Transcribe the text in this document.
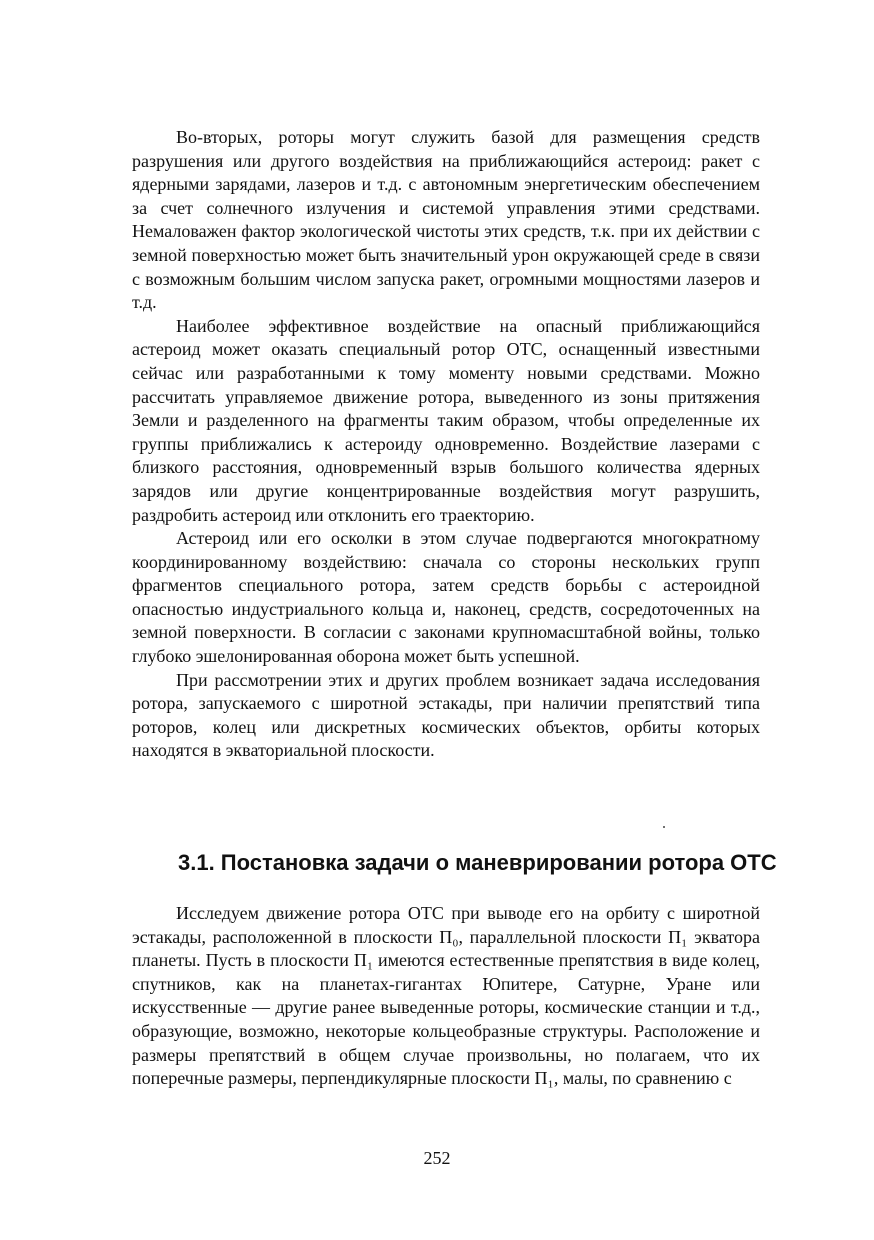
Во-вторых, роторы могут служить базой для размещения средств разрушения или другого воздействия на приближающийся астероид: ракет с ядерными зарядами, лазеров и т.д. с автономным энергетическим обеспечением за счет солнечного излучения и системой управления этими средствами. Немаловажен фактор экологической чистоты этих средств, т.к. при их действии с земной поверхностью может быть значительный урон окружающей среде в связи с возможным большим числом запуска ракет, огромными мощностями лазеров и т.д.

Наиболее эффективное воздействие на опасный приближающийся астероид может оказать специальный ротор ОТС, оснащенный известными сейчас или разработанными к тому моменту новыми средствами. Можно рассчитать управляемое движение ротора, выведенного из зоны притяжения Земли и разделенного на фрагменты таким образом, чтобы определенные их группы приближались к астероиду одновременно. Воздействие лазерами с близкого расстояния, одновременный взрыв большого количества ядерных зарядов или другие концентрированные воздействия могут разрушить, раздробить астероид или отклонить его траекторию.

Астероид или его осколки в этом случае подвергаются многократному координированному воздействию: сначала со стороны нескольких групп фрагментов специального ротора, затем средств борьбы с астероидной опасностью индустриального кольца и, наконец, средств, сосредоточенных на земной поверхности. В согласии с законами крупномасштабной войны, только глубоко эшелонированная оборона может быть успешной.

При рассмотрении этих и других проблем возникает задача исследования ротора, запускаемого с широтной эстакады, при наличии препятствий типа роторов, колец или дискретных космических объектов, орбиты которых находятся в экваториальной плоскости.

3.1. Постановка задачи о маневрировании ротора ОТС

Исследуем движение ротора ОТС при выводе его на орбиту с широтной эстакады, расположенной в плоскости П₀, параллельной плоскости П₁ экватора планеты. Пусть в плоскости П₁ имеются естественные препятствия в виде колец, спутников, как на планетах-гигантах Юпитере, Сатурне, Уране или искусственные — другие ранее выведенные роторы, космические станции и т.д., образующие, возможно, некоторые кольцеобразные структуры. Расположение и размеры препятствий в общем случае произвольны, но полагаем, что их поперечные размеры, перпендикулярные плоскости П₁, малы, по сравнению с

252
